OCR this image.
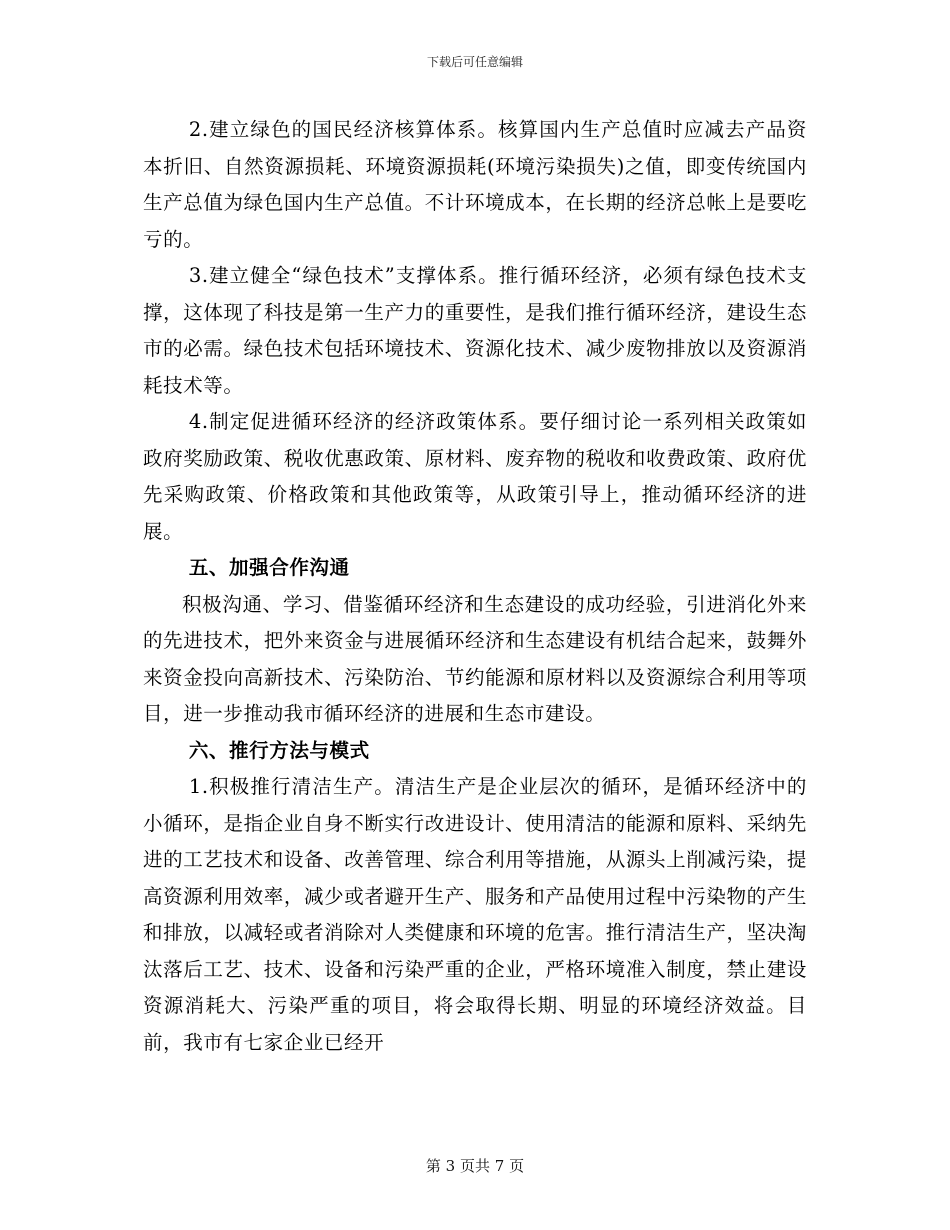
下载后可任意编辑

2.建立绿色的国民经济核算体系。核算国内生产总值时应减去产品资本折旧、自然资源损耗、环境资源损耗(环境污染损失)之值，即变传统国内生产总值为绿色国内生产总值。不计环境成本，在长期的经济总帐上是要吃亏的。

3.建立健全“绿色技术”支撑体系。推行循环经济，必须有绿色技术支撑，这体现了科技是第一生产力的重要性，是我们推行循环经济，建设生态市的必需。绿色技术包括环境技术、资源化技术、减少废物排放以及资源消耗技术等。

4.制定促进循环经济的经济政策体系。要仔细讨论一系列相关政策如政府奖励政策、税收优惠政策、原材料、废弃物的税收和收费政策、政府优先采购政策、价格政策和其他政策等，从政策引导上，推动循环经济的进展。

五、加强合作沟通

积极沟通、学习、借鉴循环经济和生态建设的成功经验，引进消化外来的先进技术，把外来资金与进展循环经济和生态建设有机结合起来，鼓舞外来资金投向高新技术、污染防治、节约能源和原材料以及资源综合利用等项目，进一步推动我市循环经济的进展和生态市建设。

六、推行方法与模式

1.积极推行清洁生产。清洁生产是企业层次的循环，是循环经济中的小循环，是指企业自身不断实行改进设计、使用清洁的能源和原料、采纳先进的工艺技术和设备、改善管理、综合利用等措施，从源头上削减污染，提高资源利用效率，减少或者避开生产、服务和产品使用过程中污染物的产生和排放，以减轻或者消除对人类健康和环境的危害。推行清洁生产，坚决淘汰落后工艺、技术、设备和污染严重的企业，严格环境准入制度，禁止建设资源消耗大、污染严重的项目，将会取得长期、明显的环境经济效益。目前，我市有七家企业已经开

第 3 页共 7 页
